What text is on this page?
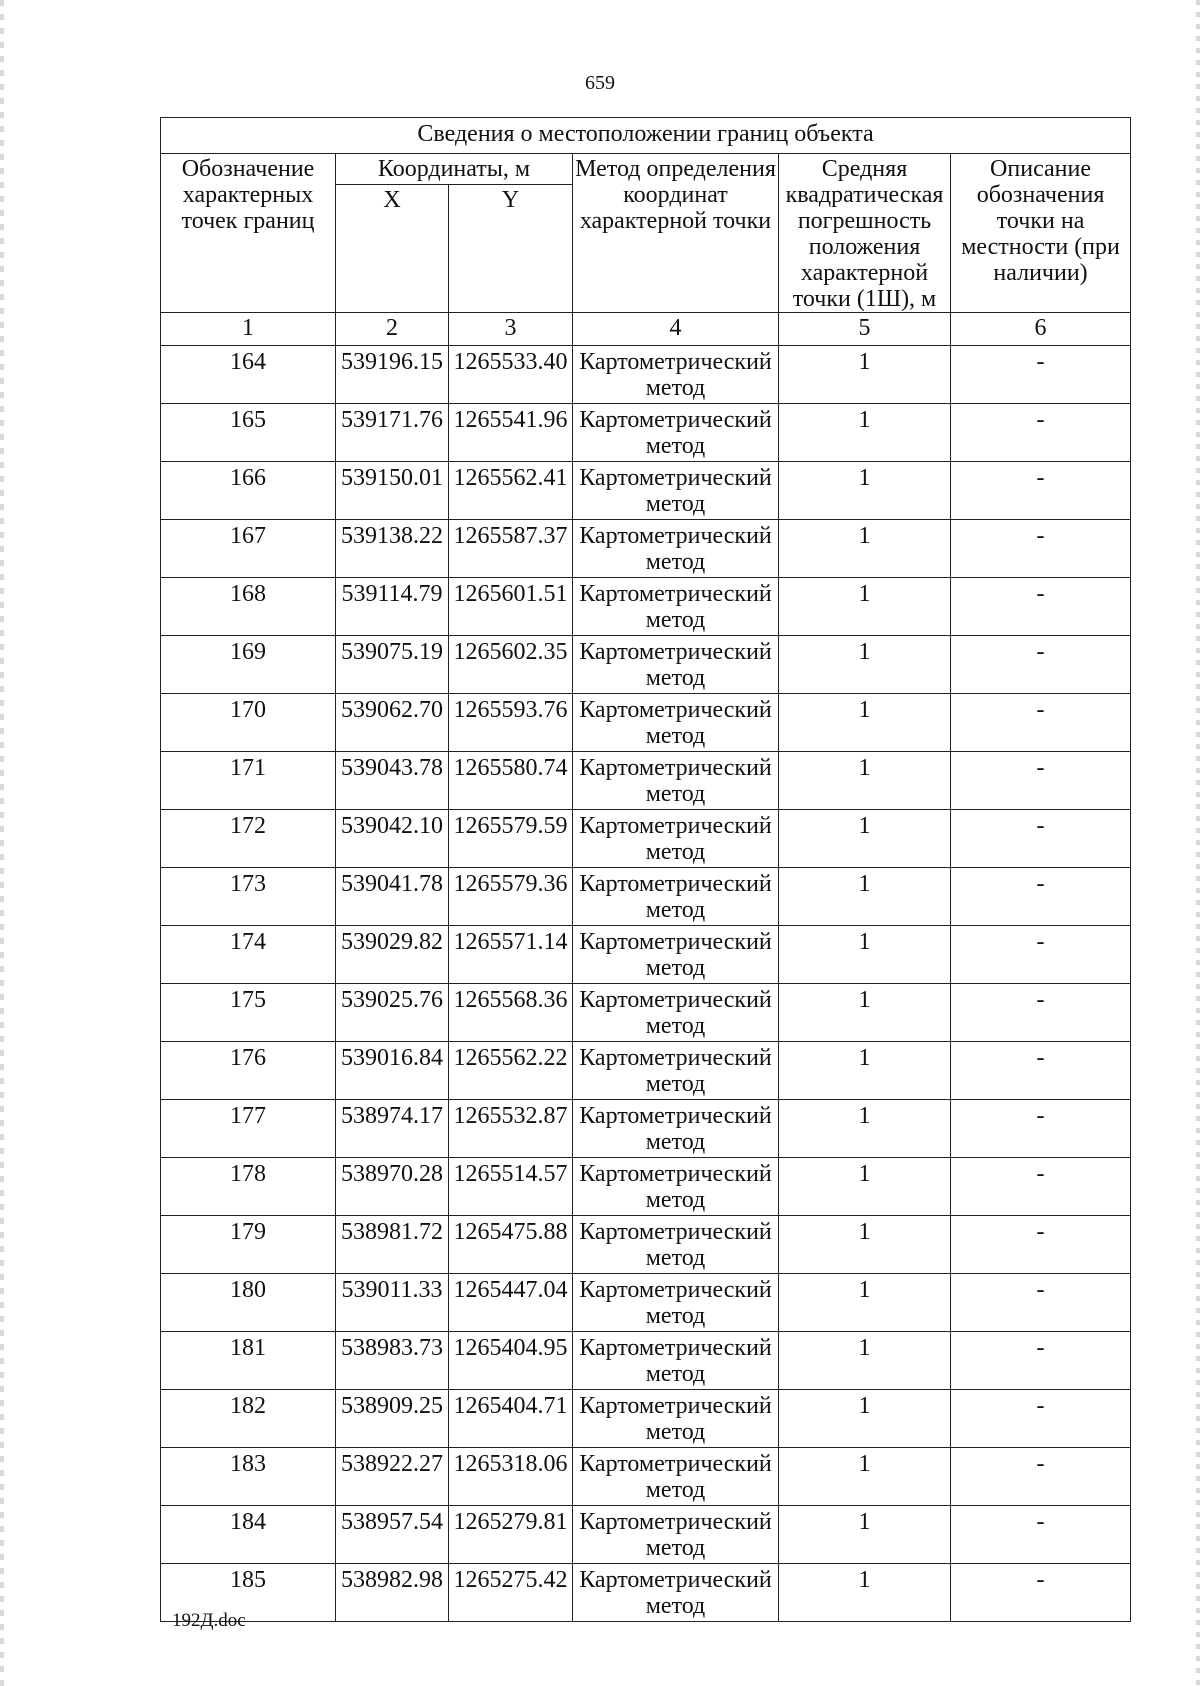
659
Сведения о местоположении границ объекта					
Обозначение характерных точек границ	Координаты, м		Метод определения координат характерной точки	Средняя квадратическая погрешность положения характерной точки (1Ш), м	Описание обозначения точки на местности (при наличии)
	X	Y			
1	2	3	4	5	6
164	539196.15	1265533.40	Картометрический метод	1	-
165	539171.76	1265541.96	Картометрический метод	1	-
166	539150.01	1265562.41	Картометрический метод	1	-
167	539138.22	1265587.37	Картометрический метод	1	-
168	539114.79	1265601.51	Картометрический метод	1	-
169	539075.19	1265602.35	Картометрический метод	1	-
170	539062.70	1265593.76	Картометрический метод	1	-
171	539043.78	1265580.74	Картометрический метод	1	-
172	539042.10	1265579.59	Картометрический метод	1	-
173	539041.78	1265579.36	Картометрический метод	1	-
174	539029.82	1265571.14	Картометрический метод	1	-
175	539025.76	1265568.36	Картометрический метод	1	-
176	539016.84	1265562.22	Картометрический метод	1	-
177	538974.17	1265532.87	Картометрический метод	1	-
178	538970.28	1265514.57	Картометрический метод	1	-
179	538981.72	1265475.88	Картометрический метод	1	-
180	539011.33	1265447.04	Картометрический метод	1	-
181	538983.73	1265404.95	Картометрический метод	1	-
182	538909.25	1265404.71	Картометрический метод	1	-
183	538922.27	1265318.06	Картометрический метод	1	-
184	538957.54	1265279.81	Картометрический метод	1	-
185	538982.98	1265275.42	Картометрический метод	1	-
192Д.doc
